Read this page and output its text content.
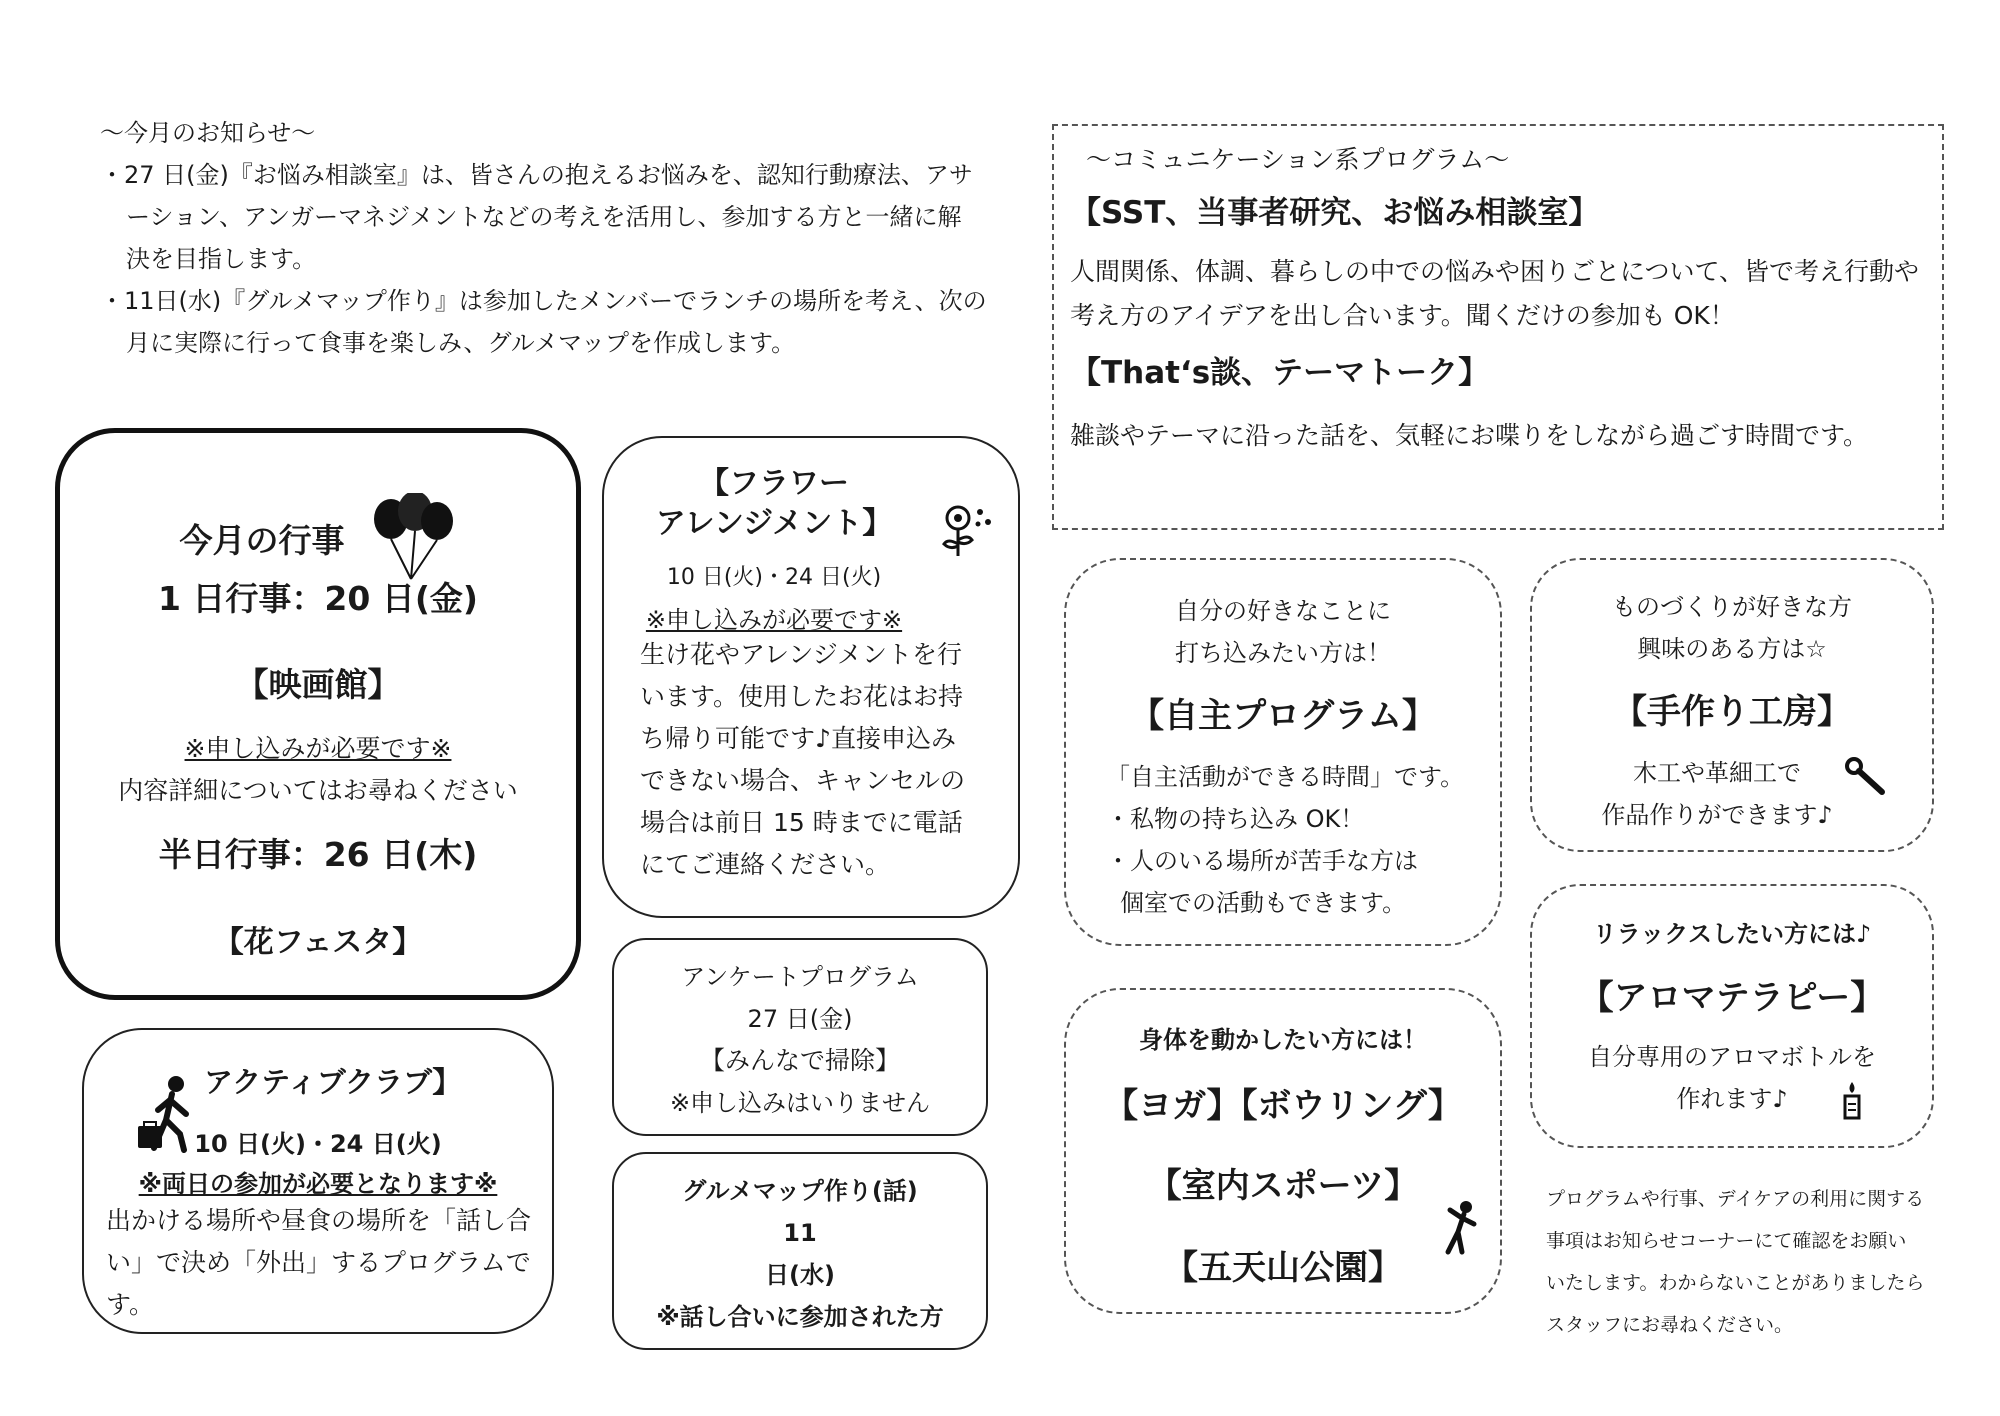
～今月のお知らせ～

・27 日(金)『お悩み相談室』は、皆さんの抱えるお悩みを、認知行動療法、アサ
ーション、アンガーマネジメントなどの考えを活用し、参加する方と一緒に解
決を目指します。

・11日(水)『グルメマップ作り』は参加したメンバーでランチの場所を考え、次の
月に実際に行って食事を楽しみ、グルメマップを作成します。

～コミュニケーション系プログラム～
【SST、当事者研究、お悩み相談室】
人間関係、体調、暮らしの中での悩みや困りごとについて、皆で考え行動や
考え方のアイデアを出し合います。聞くだけの参加も OK！
【That‘s談、テーマトーク】
雑談やテーマに沿った話を、気軽にお喋りをしながら過ごす時間です。
今月の行事
1 日行事：20 日(金)
【映画館】
※申し込みが必要です※
内容詳細についてはお尋ねください
半日行事：26 日(木)
【花フェスタ】
【フラワー
アレンジメント】
10 日(火)・24 日(火)
※申し込みが必要です※
生け花やアレンジメントを行
います。使用したお花はお持
ち帰り可能です♪直接申込み
できない場合、キャンセルの
場合は前日 15 時までに電話
にてご連絡ください。
アンケートプログラム
27 日(金)
【みんなで掃除】
※申し込みはいりません
グルメマップ作り(話)
11
日(水)
※話し合いに参加された方
アクティブクラブ】
10 日(火)・24 日(火)
※両日の参加が必要となります※
出かける場所や昼食の場所を「話し合
い」で決め「外出」するプログラムです。
自分の好きなことに
打ち込みたい方は！
【自主プログラム】
「自主活動ができる時間」です。
・私物の持ち込み OK！
・人のいる場所が苦手な方は
個室での活動もできます。
ものづくりが好きな方
興味のある方は☆
【手作り工房】
木工や革細工で
作品作りができます♪
リラックスしたい方には♪
【アロマテラピー】
自分専用のアロマボトルを
作れます♪
身体を動かしたい方には！
【ヨガ】【ボウリング】
【室内スポーツ】
【五天山公園】
プログラムや行事、デイケアの利用に関する
事項はお知らせコーナーにて確認をお願い
いたします。わからないことがありましたら
スタッフにお尋ねください。
